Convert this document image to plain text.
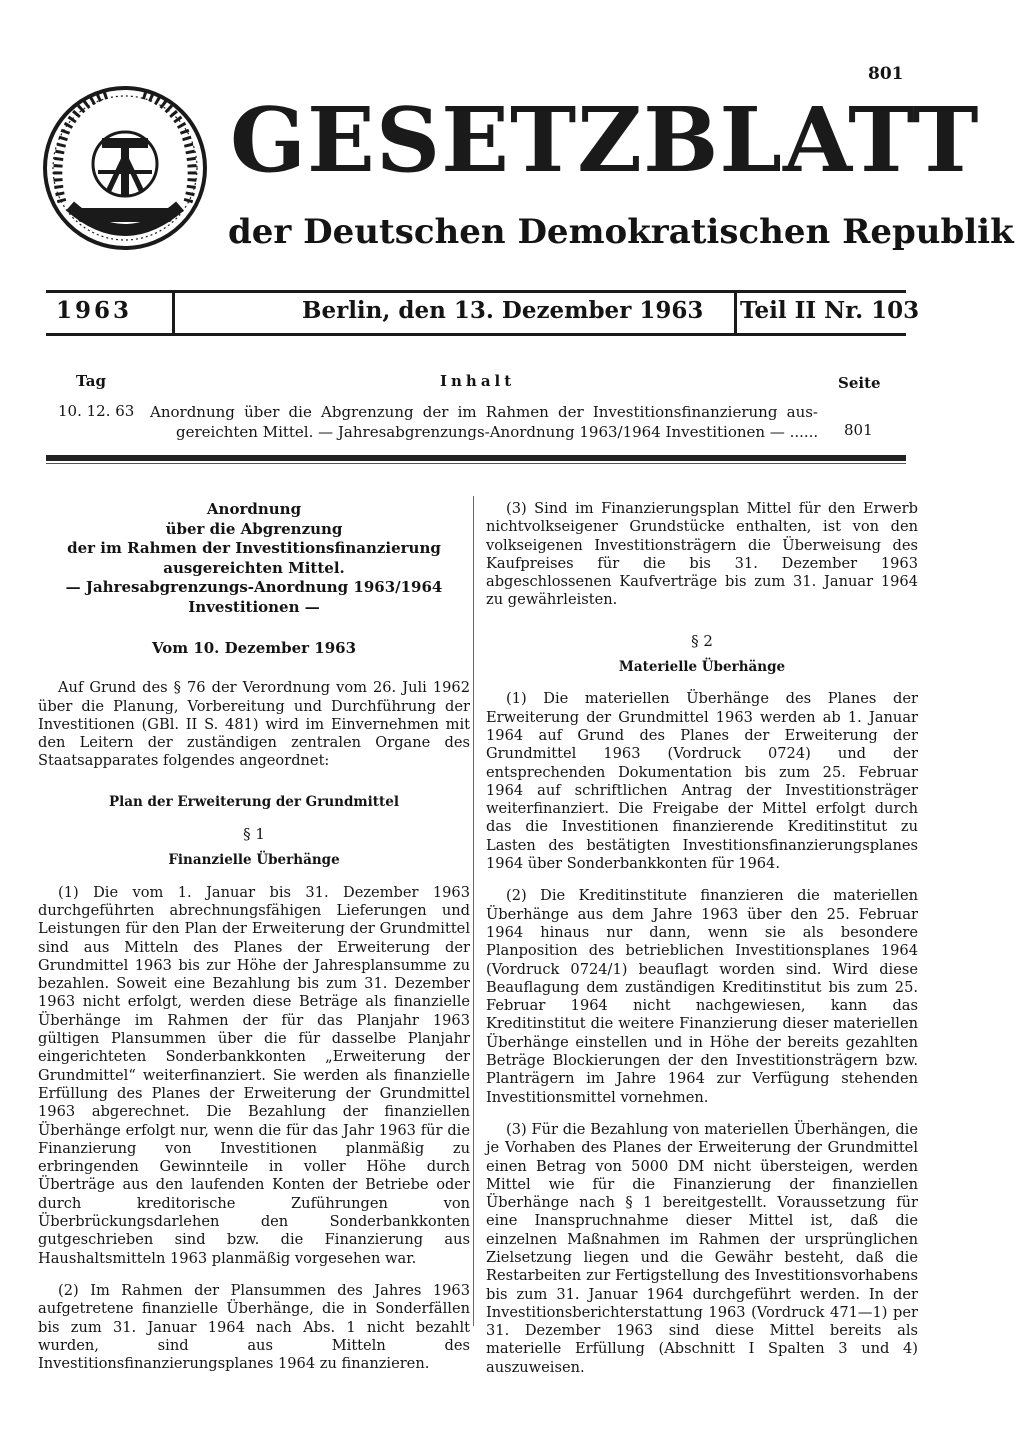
801
GESETZBLATT
der Deutschen Demokratischen Republik
1963	Berlin, den 13. Dezember 1963 Teil II Nr. 103
Tag	Inhalt	Seite
10. 12. 63 Anordnung über die Abgrenzung der im Rahmen der Investitionsfinanzierung aus-
gereichten Mittel. — Jahresabgrenzungs-Anordnung 1963/1964 Investitionen — ...... 801
Anordnung
über die Abgrenzung
der im Rahmen der Investitionsfinanzierung
ausgereichten Mittel.
— Jahresabgrenzungs-Anordnung 1963/1964
Investitionen —

Vom 10. Dezember 1963

Auf Grund des § 76 der Verordnung vom 26. Juli 1962 über die Planung, Vorbereitung und Durchführung der Investitionen (GBl. II S. 481) wird im Einvernehmen mit den Leitern der zuständigen zentralen Organe des Staatsapparates folgendes angeordnet:

Plan der Erweiterung der Grundmittel

§ 1

Finanzielle Überhänge

(1) Die vom 1. Januar bis 31. Dezember 1963 durchgeführten abrechnungsfähigen Lieferungen und Leistungen für den Plan der Erweiterung der Grundmittel sind aus Mitteln des Planes der Erweiterung der Grundmittel 1963 bis zur Höhe der Jahresplansumme zu bezahlen. Soweit eine Bezahlung bis zum 31. Dezember 1963 nicht erfolgt, werden diese Beträge als finanzielle Überhänge im Rahmen der für das Planjahr 1963 gültigen Plansummen über die für dasselbe Planjahr eingerichteten Sonderbankkonten „Erweiterung der Grundmittel“ weiterfinanziert. Sie werden als finanzielle Erfüllung des Planes der Erweiterung der Grundmittel 1963 abgerechnet. Die Bezahlung der finanziellen Überhänge erfolgt nur, wenn die für das Jahr 1963 für die Finanzierung von Investitionen planmäßig zu erbringenden Gewinnteile in voller Höhe durch Überträge aus den laufenden Konten der Betriebe oder durch kreditorische Zuführungen von Überbrückungsdarlehen den Sonderbankkonten gutgeschrieben sind bzw. die Finanzierung aus Haushaltsmitteln 1963 planmäßig vorgesehen war.

(2) Im Rahmen der Plansummen des Jahres 1963 aufgetretene finanzielle Überhänge, die in Sonderfällen bis zum 31. Januar 1964 nach Abs. 1 nicht bezahlt wurden, sind aus Mitteln des Investitionsfinanzierungsplanes 1964 zu finanzieren.

(3) Sind im Finanzierungsplan Mittel für den Erwerb nichtvolkseigener Grundstücke enthalten, ist von den volkseigenen Investitionsträgern die Überweisung des Kaufpreises für die bis 31. Dezember 1963 abgeschlossenen Kaufverträge bis zum 31. Januar 1964 zu gewährleisten.

§ 2

Materielle Überhänge

(1) Die materiellen Überhänge des Planes der Erweiterung der Grundmittel 1963 werden ab 1. Januar 1964 auf Grund des Planes der Erweiterung der Grundmittel 1963 (Vordruck 0724) und der entsprechenden Dokumentation bis zum 25. Februar 1964 auf schriftlichen Antrag der Investitionsträger weiterfinanziert. Die Freigabe der Mittel erfolgt durch das die Investitionen finanzierende Kreditinstitut zu Lasten des bestätigten Investitionsfinanzierungsplanes 1964 über Sonderbankkonten für 1964.

(2) Die Kreditinstitute finanzieren die materiellen Überhänge aus dem Jahre 1963 über den 25. Februar 1964 hinaus nur dann, wenn sie als besondere Planposition des betrieblichen Investitionsplanes 1964 (Vordruck 0724/1) beauflagt worden sind. Wird diese Beauflagung dem zuständigen Kreditinstitut bis zum 25. Februar 1964 nicht nachgewiesen, kann das Kreditinstitut die weitere Finanzierung dieser materiellen Überhänge einstellen und in Höhe der bereits gezahlten Beträge Blockierungen der den Investitionsträgern bzw. Planträgern im Jahre 1964 zur Verfügung stehenden Investitionsmittel vornehmen.

(3) Für die Bezahlung von materiellen Überhängen, die je Vorhaben des Planes der Erweiterung der Grundmittel einen Betrag von 5000 DM nicht übersteigen, werden Mittel wie für die Finanzierung der finanziellen Überhänge nach § 1 bereitgestellt. Voraussetzung für eine Inanspruchnahme dieser Mittel ist, daß die einzelnen Maßnahmen im Rahmen der ursprünglichen Zielsetzung liegen und die Gewähr besteht, daß die Restarbeiten zur Fertigstellung des Investitionsvorhabens bis zum 31. Januar 1964 durchgeführt werden. In der Investitionsberichterstattung 1963 (Vordruck 471—1) per 31. Dezember 1963 sind diese Mittel bereits als materielle Erfüllung (Abschnitt I Spalten 3 und 4) auszuweisen.
